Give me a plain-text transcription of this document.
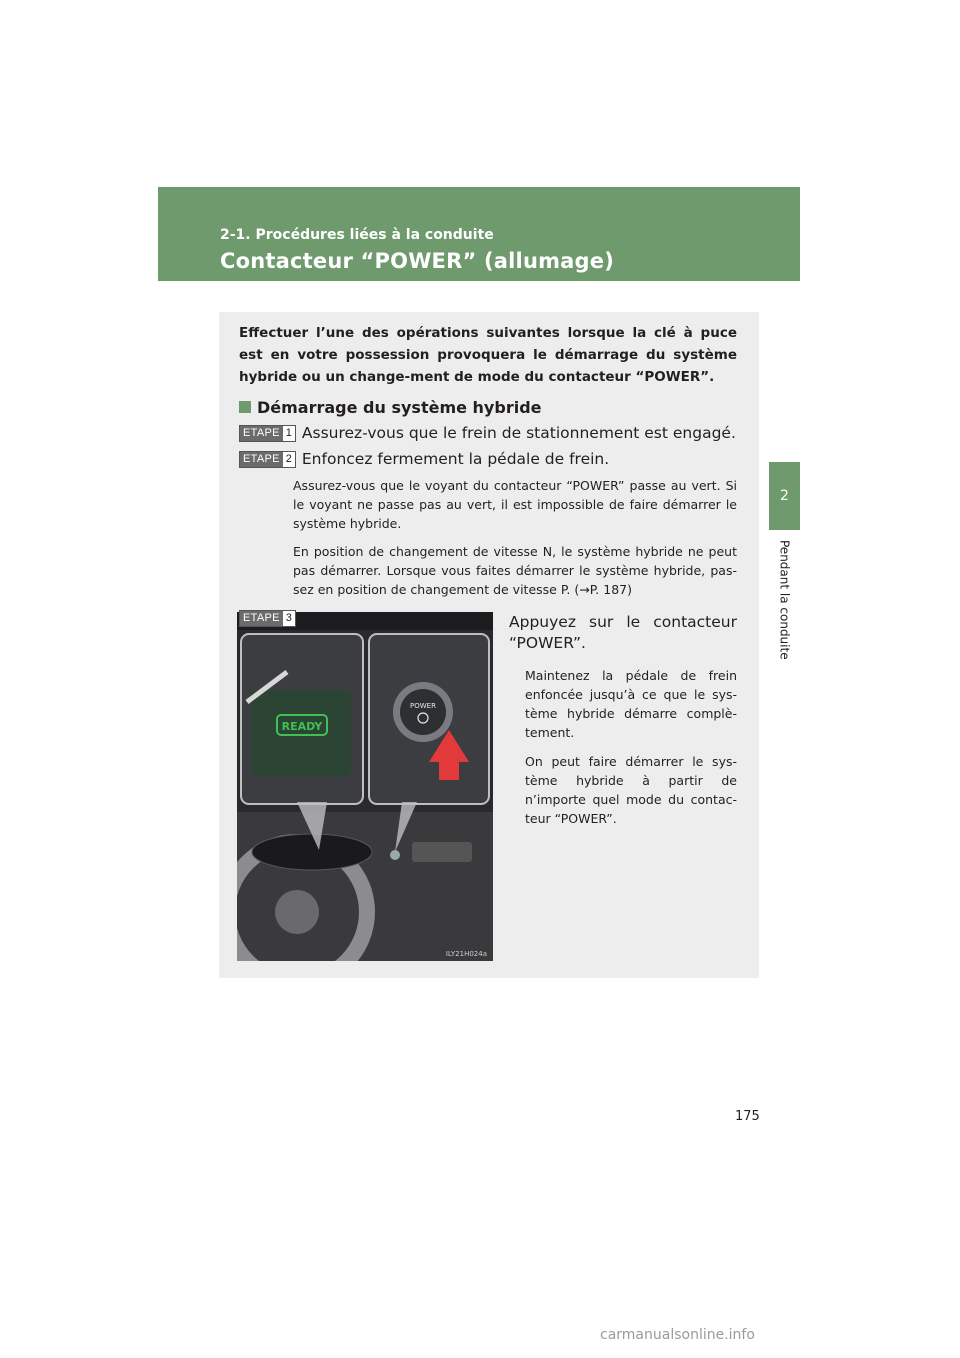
2-1. Procédures liées à la conduite
Contacteur “POWER” (allumage)
2
Pendant la conduite
Effectuer l’une des opérations suivantes lorsque la clé à puce est en votre possession provoquera le démarrage du système hybride ou un change-ment de mode du contacteur “POWER”.
Démarrage du système hybride
ETAPE 1 Assurez-vous que le frein de stationnement est engagé.
ETAPE 2 Enfoncez fermement la pédale de frein.
Assurez-vous que le voyant du contacteur “POWER” passe au vert. Si le voyant ne passe pas au vert, il est impossible de faire démarrer le système hybride.
En position de changement de vitesse N, le système hybride ne peut pas démarrer. Lorsque vous faites démarrer le système hybride, pas-sez en position de changement de vitesse P. (→P. 187)
ETAPE 3
READY
POWER
ILY21H024a
Appuyez sur le contacteur
“POWER”.
Maintenez la pédale de frein enfoncée jusqu’à ce que le sys-tème hybride démarre complè-tement.
On peut faire démarrer le sys-tème hybride à partir de n’importe quel mode du contac-teur “POWER”.
175
carmanualsonline.info
